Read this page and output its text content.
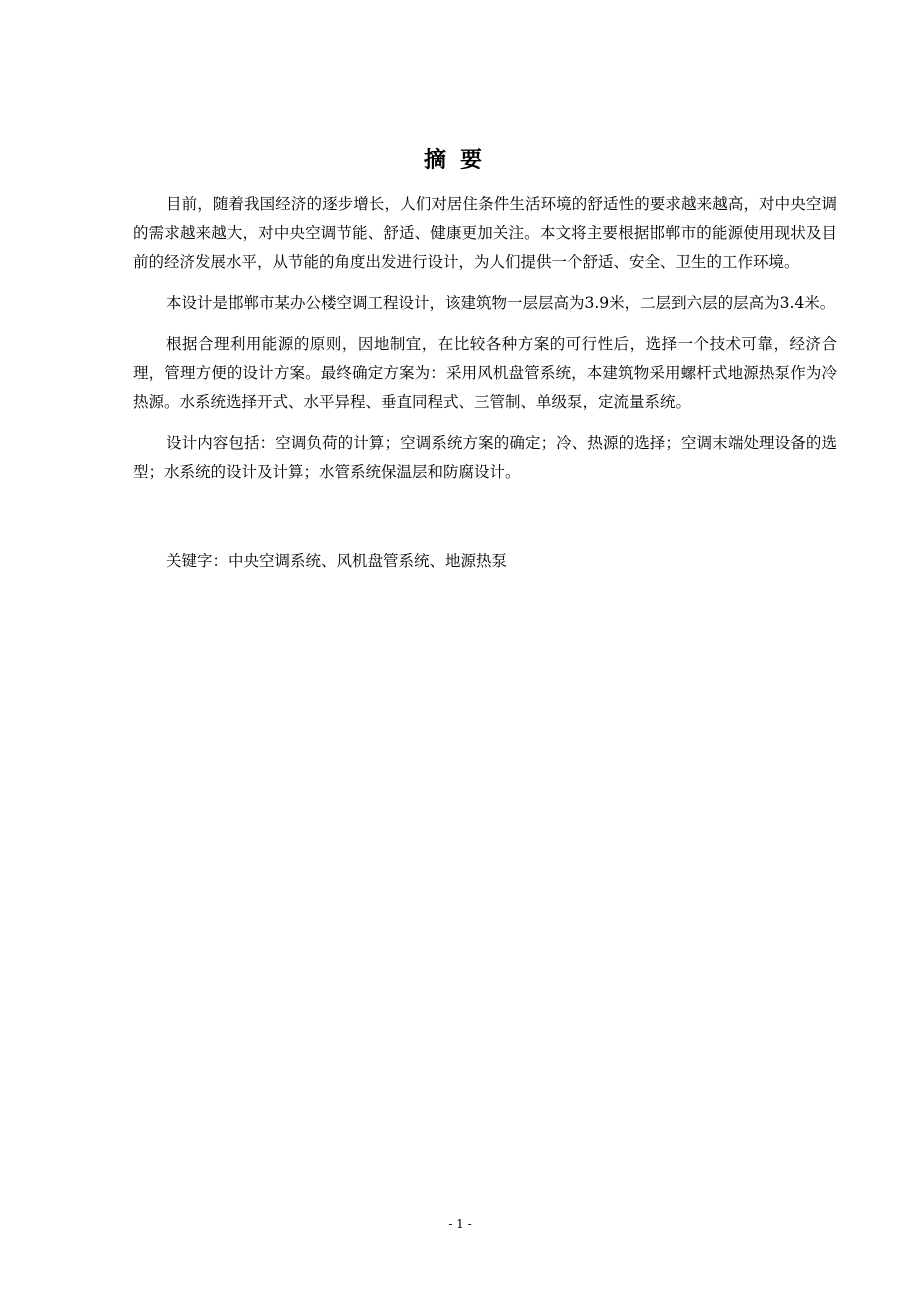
摘要

目前，随着我国经济的逐步增长，人们对居住条件生活环境的舒适性的要求越来越高，对中央空调的需求越来越大，对中央空调节能、舒适、健康更加关注。本文将主要根据邯郸市的能源使用现状及目前的经济发展水平，从节能的角度出发进行设计，为人们提供一个舒适、安全、卫生的工作环境。

本设计是邯郸市某办公楼空调工程设计，该建筑物一层层高为3.9米，二层到六层的层高为3.4米。

根据合理利用能源的原则，因地制宜，在比较各种方案的可行性后，选择一个技术可靠，经济合理，管理方便的设计方案。最终确定方案为：采用风机盘管系统，本建筑物采用螺杆式地源热泵作为冷热源。水系统选择开式、水平异程、垂直同程式、三管制、单级泵，定流量系统。

设计内容包括：空调负荷的计算；空调系统方案的确定；冷、热源的选择；空调末端处理设备的选型；水系统的设计及计算；水管系统保温层和防腐设计。

关键字：中央空调系统、风机盘管系统、地源热泵
- 1 -
